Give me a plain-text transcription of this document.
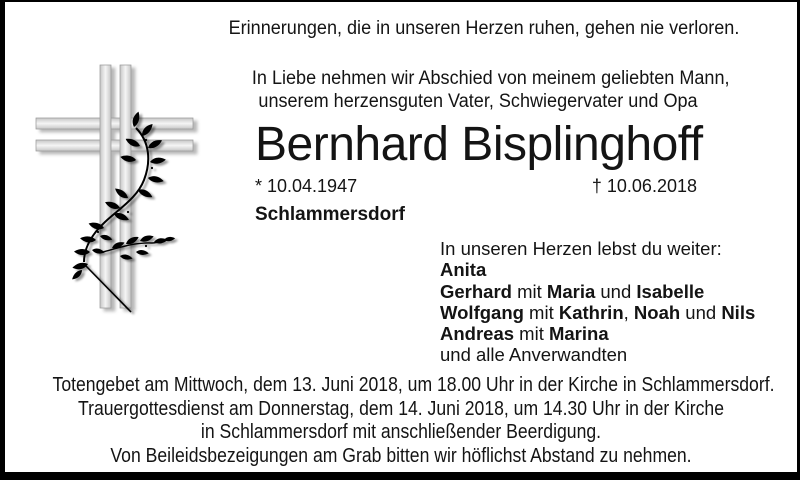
Erinnerungen, die in unseren Herzen ruhen, gehen nie verloren.
In Liebe nehmen wir Abschied von meinem geliebten Mann,
unserem herzensguten Vater, Schwiegervater und Opa
Bernhard Bisplinghoff
* 10.04.1947	† 10.06.2018
Schlammersdorf
In unseren Herzen lebst du weiter:
Anita
Gerhard mit Maria und Isabelle
Wolfgang mit Kathrin, Noah und Nils
Andreas mit Marina
und alle Anverwandten
Totengebet am Mittwoch, dem 13. Juni 2018, um 18.00 Uhr in der Kirche in Schlammersdorf.
Trauergottesdienst am Donnerstag, dem 14. Juni 2018, um 14.30 Uhr in der Kirche
in Schlammersdorf mit anschließender Beerdigung.
Von Beileidsbezeigungen am Grab bitten wir höflichst Abstand zu nehmen.
